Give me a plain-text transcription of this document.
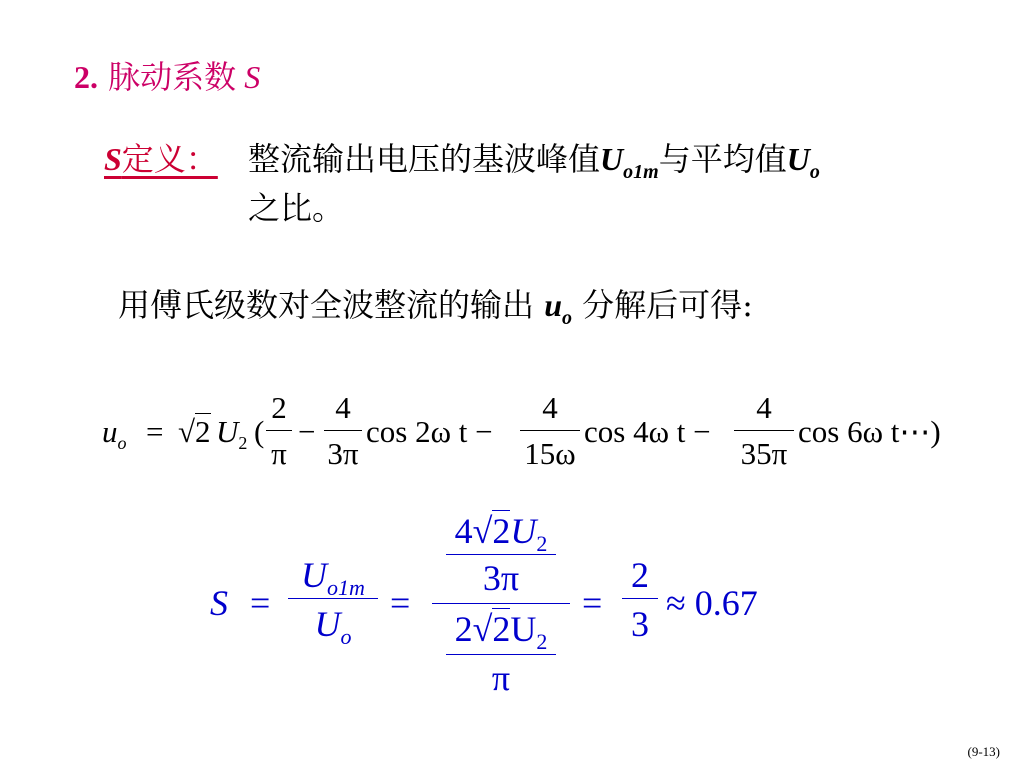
2. 脉动系数 S
S定义： 整流输出电压的基波峰值$U_{o1m}$与平均值$U_o$
之比。
用傅氏级数对全波整流的输出 $u_o$ 分解后可得:
$u_o = √2$ $U_2$ (
2
π
−
4
3π
cos 2ω t −
4
15ω
cos 4ω t −
4
35π
cos 6ω t⋯)
S =
$U_{o1m}$
$U_o$
=
$4√2U_2$
3π
$2√2U_2$
π
=
2
3
≈ 0.67
(9-13)
